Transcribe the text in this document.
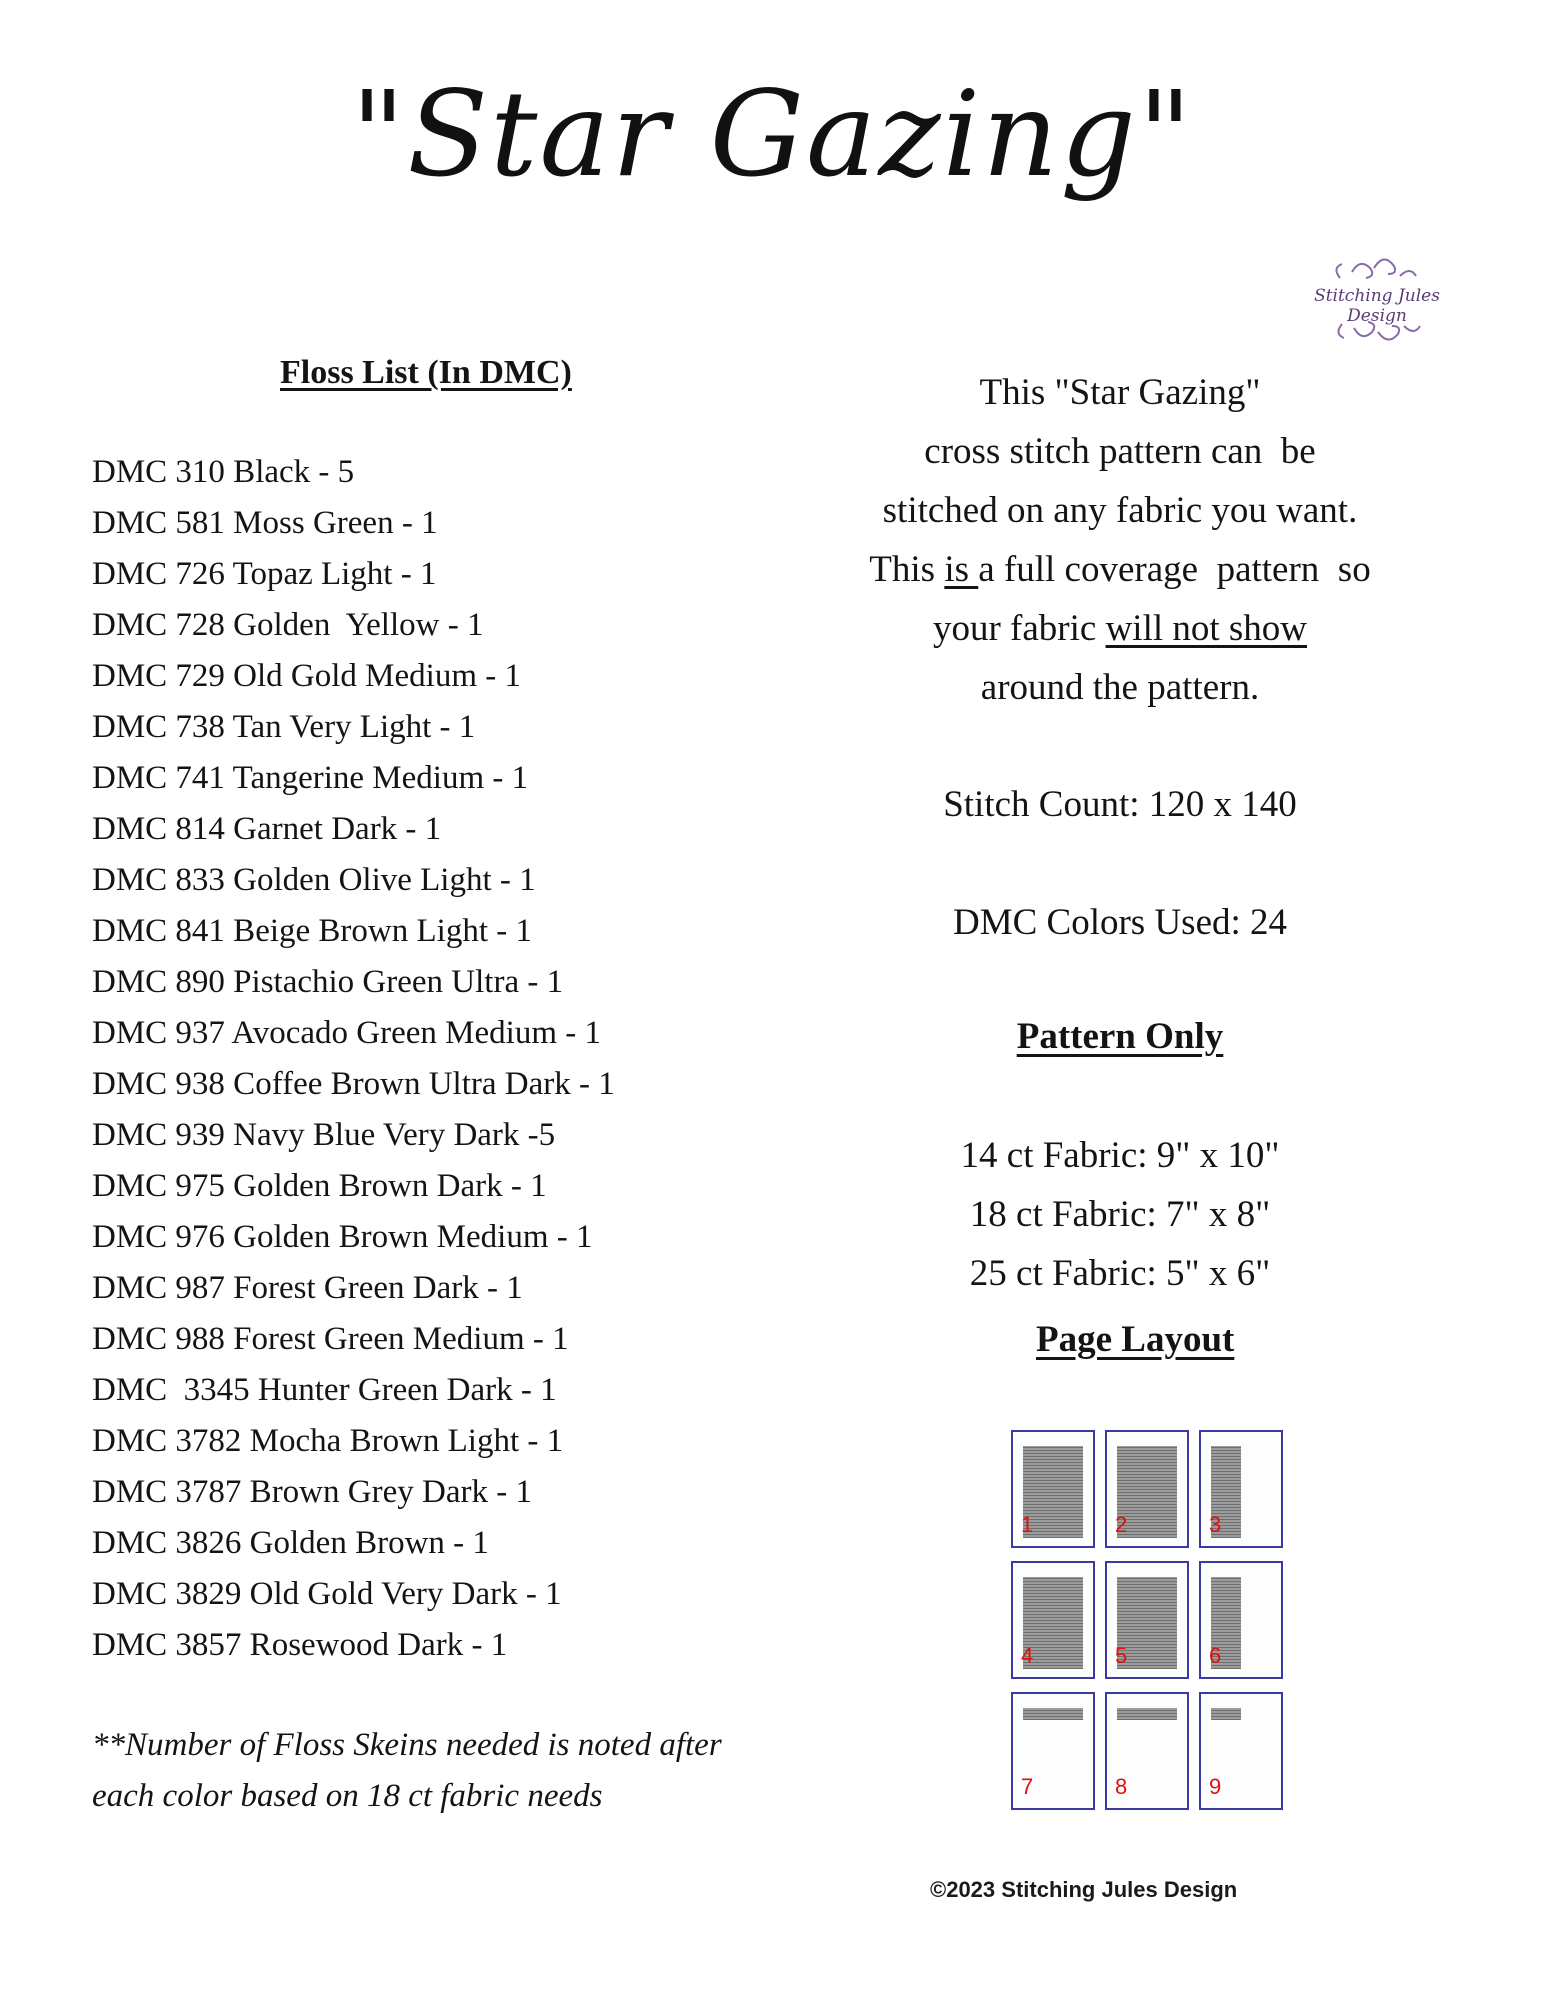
"Star Gazing"
Stitching Jules Design
Floss List (In DMC)
DMC 310 Black - 5
DMC 581 Moss Green - 1
DMC 726 Topaz Light - 1
DMC 728 Golden  Yellow - 1
DMC 729 Old Gold Medium - 1
DMC 738 Tan Very Light - 1
DMC 741 Tangerine Medium - 1
DMC 814 Garnet Dark - 1
DMC 833 Golden Olive Light - 1
DMC 841 Beige Brown Light - 1
DMC 890 Pistachio Green Ultra - 1
DMC 937 Avocado Green Medium - 1
DMC 938 Coffee Brown Ultra Dark - 1
DMC 939 Navy Blue Very Dark -5
DMC 975 Golden Brown Dark - 1
DMC 976 Golden Brown Medium - 1
DMC 987 Forest Green Dark - 1
DMC 988 Forest Green Medium - 1
DMC  3345 Hunter Green Dark - 1
DMC 3782 Mocha Brown Light - 1
DMC 3787 Brown Grey Dark - 1
DMC 3826 Golden Brown - 1
DMC 3829 Old Gold Very Dark - 1
DMC 3857 Rosewood Dark - 1
**Number of Floss Skeins needed is noted after
each color based on 18 ct fabric needs
This "Star Gazing"
cross stitch pattern can  be
stitched on any fabric you want.
This is a full coverage  pattern  so
your fabric will not show
around the pattern.
Stitch Count: 120 x 140
DMC Colors Used: 24
Pattern Only
14 ct Fabric: 9" x 10"
18 ct Fabric: 7" x 8"
25 ct Fabric: 5" x 6"
Page Layout
1	2	3
4	5	6
7	8	9
©2023 Stitching Jules Design
